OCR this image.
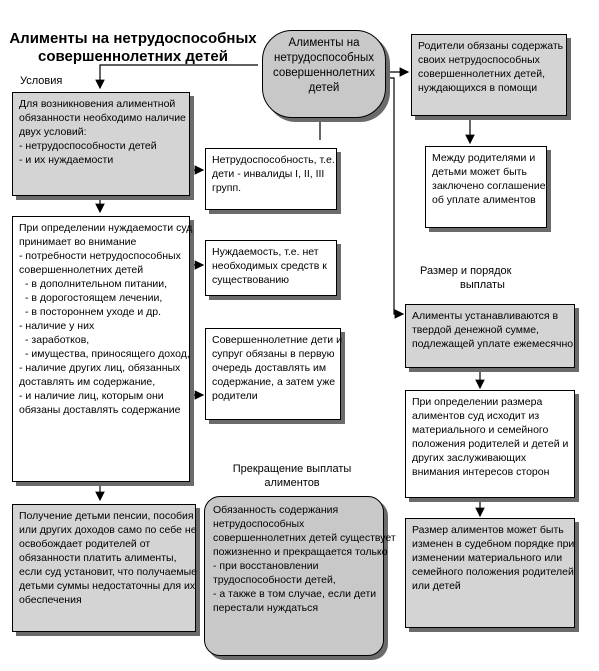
Алименты на нетрудоспособных
совершеннолетних детей
Условия
Алименты на
нетрудоспособных
совершеннолетних
детей
Для возникновения алиментной
обязанности необходимо наличие
двух условий:
- нетрудоспособности детей
- и их нуждаемости
При определении нуждаемости суд
принимает во внимание
- потребности нетрудоспособных
совершеннолетних детей
- в дополнительном питании,
- в дорогостоящем лечении,
- в постороннем уходе и др.
- наличие у них
- заработков,
- имущества, приносящего доход,
- наличие других лиц, обязанных
доставлять им содержание,
- и наличие лиц, которым они
обязаны доставлять содержание
Получение детьми пенсии, пособия
или других доходов само по себе не
освобождает родителей от
обязанности платить алименты,
если суд установит, что получаемые
детьми суммы недостаточны для их
обеспечения
Нетрудоспособность, т.е.
дети - инвалиды I, II, III
групп.
Нуждаемость, т.е. нет
необходимых средств к
существованию
Совершеннолетние дети и
супруг обязаны в первую
очередь доставлять им
содержание, а затем уже
родители
Прекращение выплаты
алиментов
Обязанность содержания
нетрудоспособных
совершеннолетних детей существует
пожизненно и прекращается только
- при восстановлении
трудоспособности детей,
- а также в том случае, если дети
перестали нуждаться
Родители обязаны содержать
своих нетрудоспособных
совершеннолетних детей,
нуждающихся в помощи
Между родителями и
детьми может быть
заключено соглашение
об уплате алиментов
Размер и порядок
выплаты
Алименты устанавливаются в
твердой денежной сумме,
подлежащей уплате ежемесячно
При определении размера
алиментов суд исходит из
материального и семейного
положения родителей и детей и
других заслуживающих
внимания интересов сторон
Размер алиментов может быть
изменен в судебном порядке при
изменении материального или
семейного положения родителей
или детей
